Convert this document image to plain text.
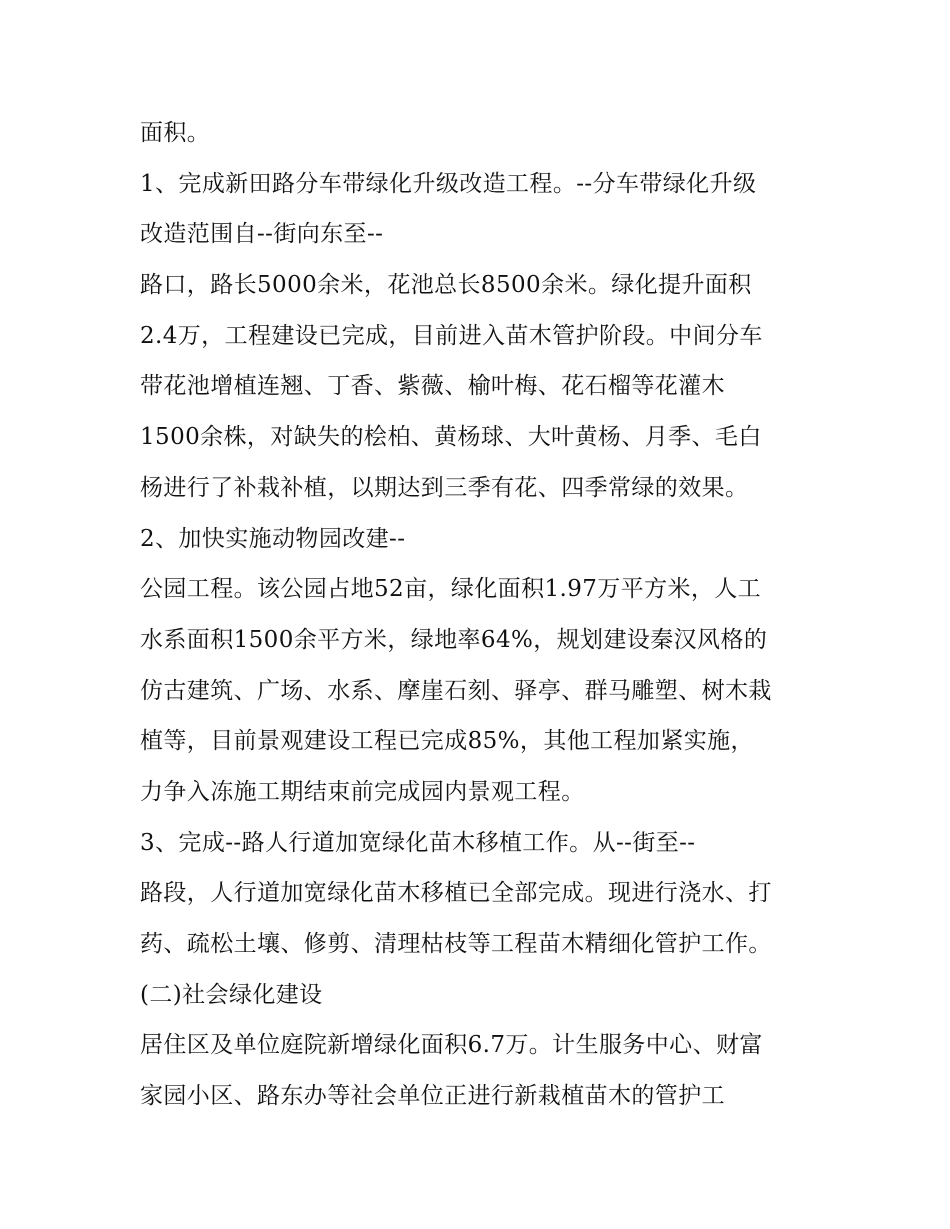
面积。
1、完成新田路分车带绿化升级改造工程。--分车带绿化升级
改造范围自--街向东至--
路口，路长5000余米，花池总长8500余米。绿化提升面积
2.4万，工程建设已完成，目前进入苗木管护阶段。中间分车
带花池增植连翘、丁香、紫薇、榆叶梅、花石榴等花灌木
1500余株，对缺失的桧柏、黄杨球、大叶黄杨、月季、毛白
杨进行了补栽补植，以期达到三季有花、四季常绿的效果。
2、加快实施动物园改建--
公园工程。该公园占地52亩，绿化面积1.97万平方米，人工
水系面积1500余平方米，绿地率64%，规划建设秦汉风格的
仿古建筑、广场、水系、摩崖石刻、驿亭、群马雕塑、树木栽
植等，目前景观建设工程已完成85%，其他工程加紧实施，
力争入冻施工期结束前完成园内景观工程。
3、完成--路人行道加宽绿化苗木移植工作。从--街至--
路段，人行道加宽绿化苗木移植已全部完成。现进行浇水、打
药、疏松土壤、修剪、清理枯枝等工程苗木精细化管护工作。
(二)社会绿化建设
居住区及单位庭院新增绿化面积6.7万。计生服务中心、财富
家园小区、路东办等社会单位正进行新栽植苗木的管护工
